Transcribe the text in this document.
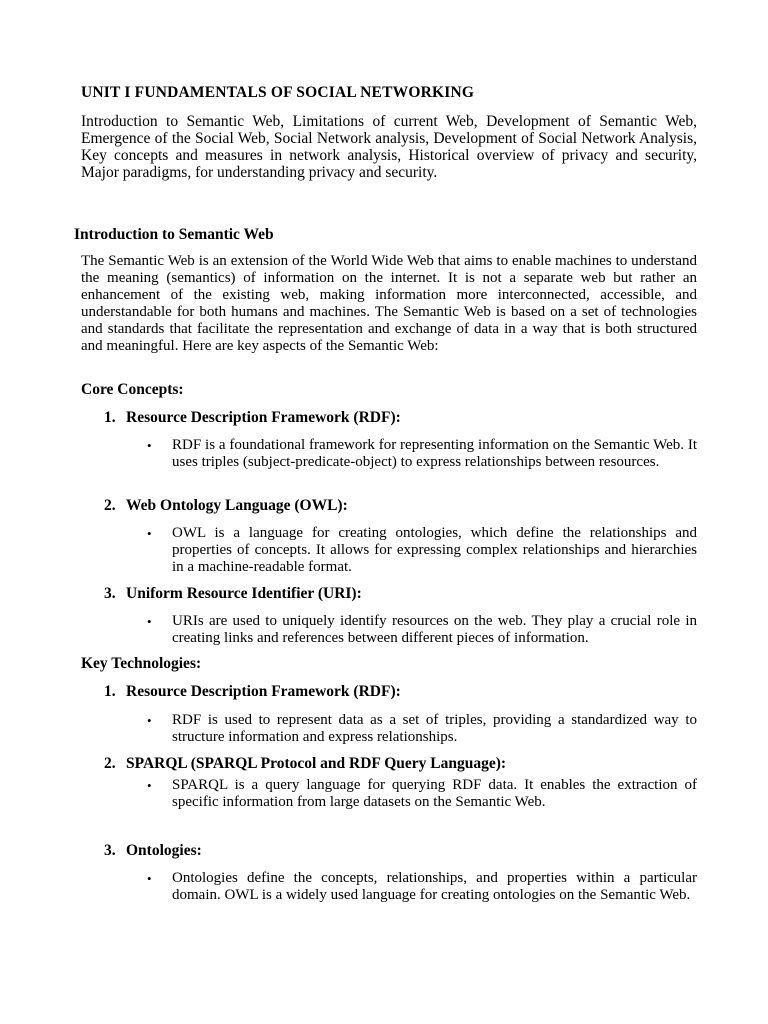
UNIT I FUNDAMENTALS OF SOCIAL NETWORKING
Introduction to Semantic Web, Limitations of current Web, Development of Semantic Web, Emergence of the Social Web, Social Network analysis, Development of Social Network Analysis, Key concepts and measures in network analysis, Historical overview of privacy and security, Major paradigms, for understanding privacy and security.
Introduction to Semantic Web
The Semantic Web is an extension of the World Wide Web that aims to enable machines to understand the meaning (semantics) of information on the internet. It is not a separate web but rather an enhancement of the existing web, making information more interconnected, accessible, and understandable for both humans and machines. The Semantic Web is based on a set of technologies and standards that facilitate the representation and exchange of data in a way that is both structured and meaningful. Here are key aspects of the Semantic Web:
Core Concepts:
1. Resource Description Framework (RDF):
•	RDF is a foundational framework for representing information on the Semantic Web. It uses triples (subject-predicate-object) to express relationships between resources.
2. Web Ontology Language (OWL):
•	OWL is a language for creating ontologies, which define the relationships and properties of concepts. It allows for expressing complex relationships and hierarchies in a machine-readable format.
3. Uniform Resource Identifier (URI):
•	URIs are used to uniquely identify resources on the web. They play a crucial role in creating links and references between different pieces of information.
Key Technologies:
1. Resource Description Framework (RDF):
•	RDF is used to represent data as a set of triples, providing a standardized way to structure information and express relationships.
2. SPARQL (SPARQL Protocol and RDF Query Language):
•	SPARQL is a query language for querying RDF data. It enables the extraction of specific information from large datasets on the Semantic Web.
3. Ontologies:
•	Ontologies define the concepts, relationships, and properties within a particular domain. OWL is a widely used language for creating ontologies on the Semantic Web.
